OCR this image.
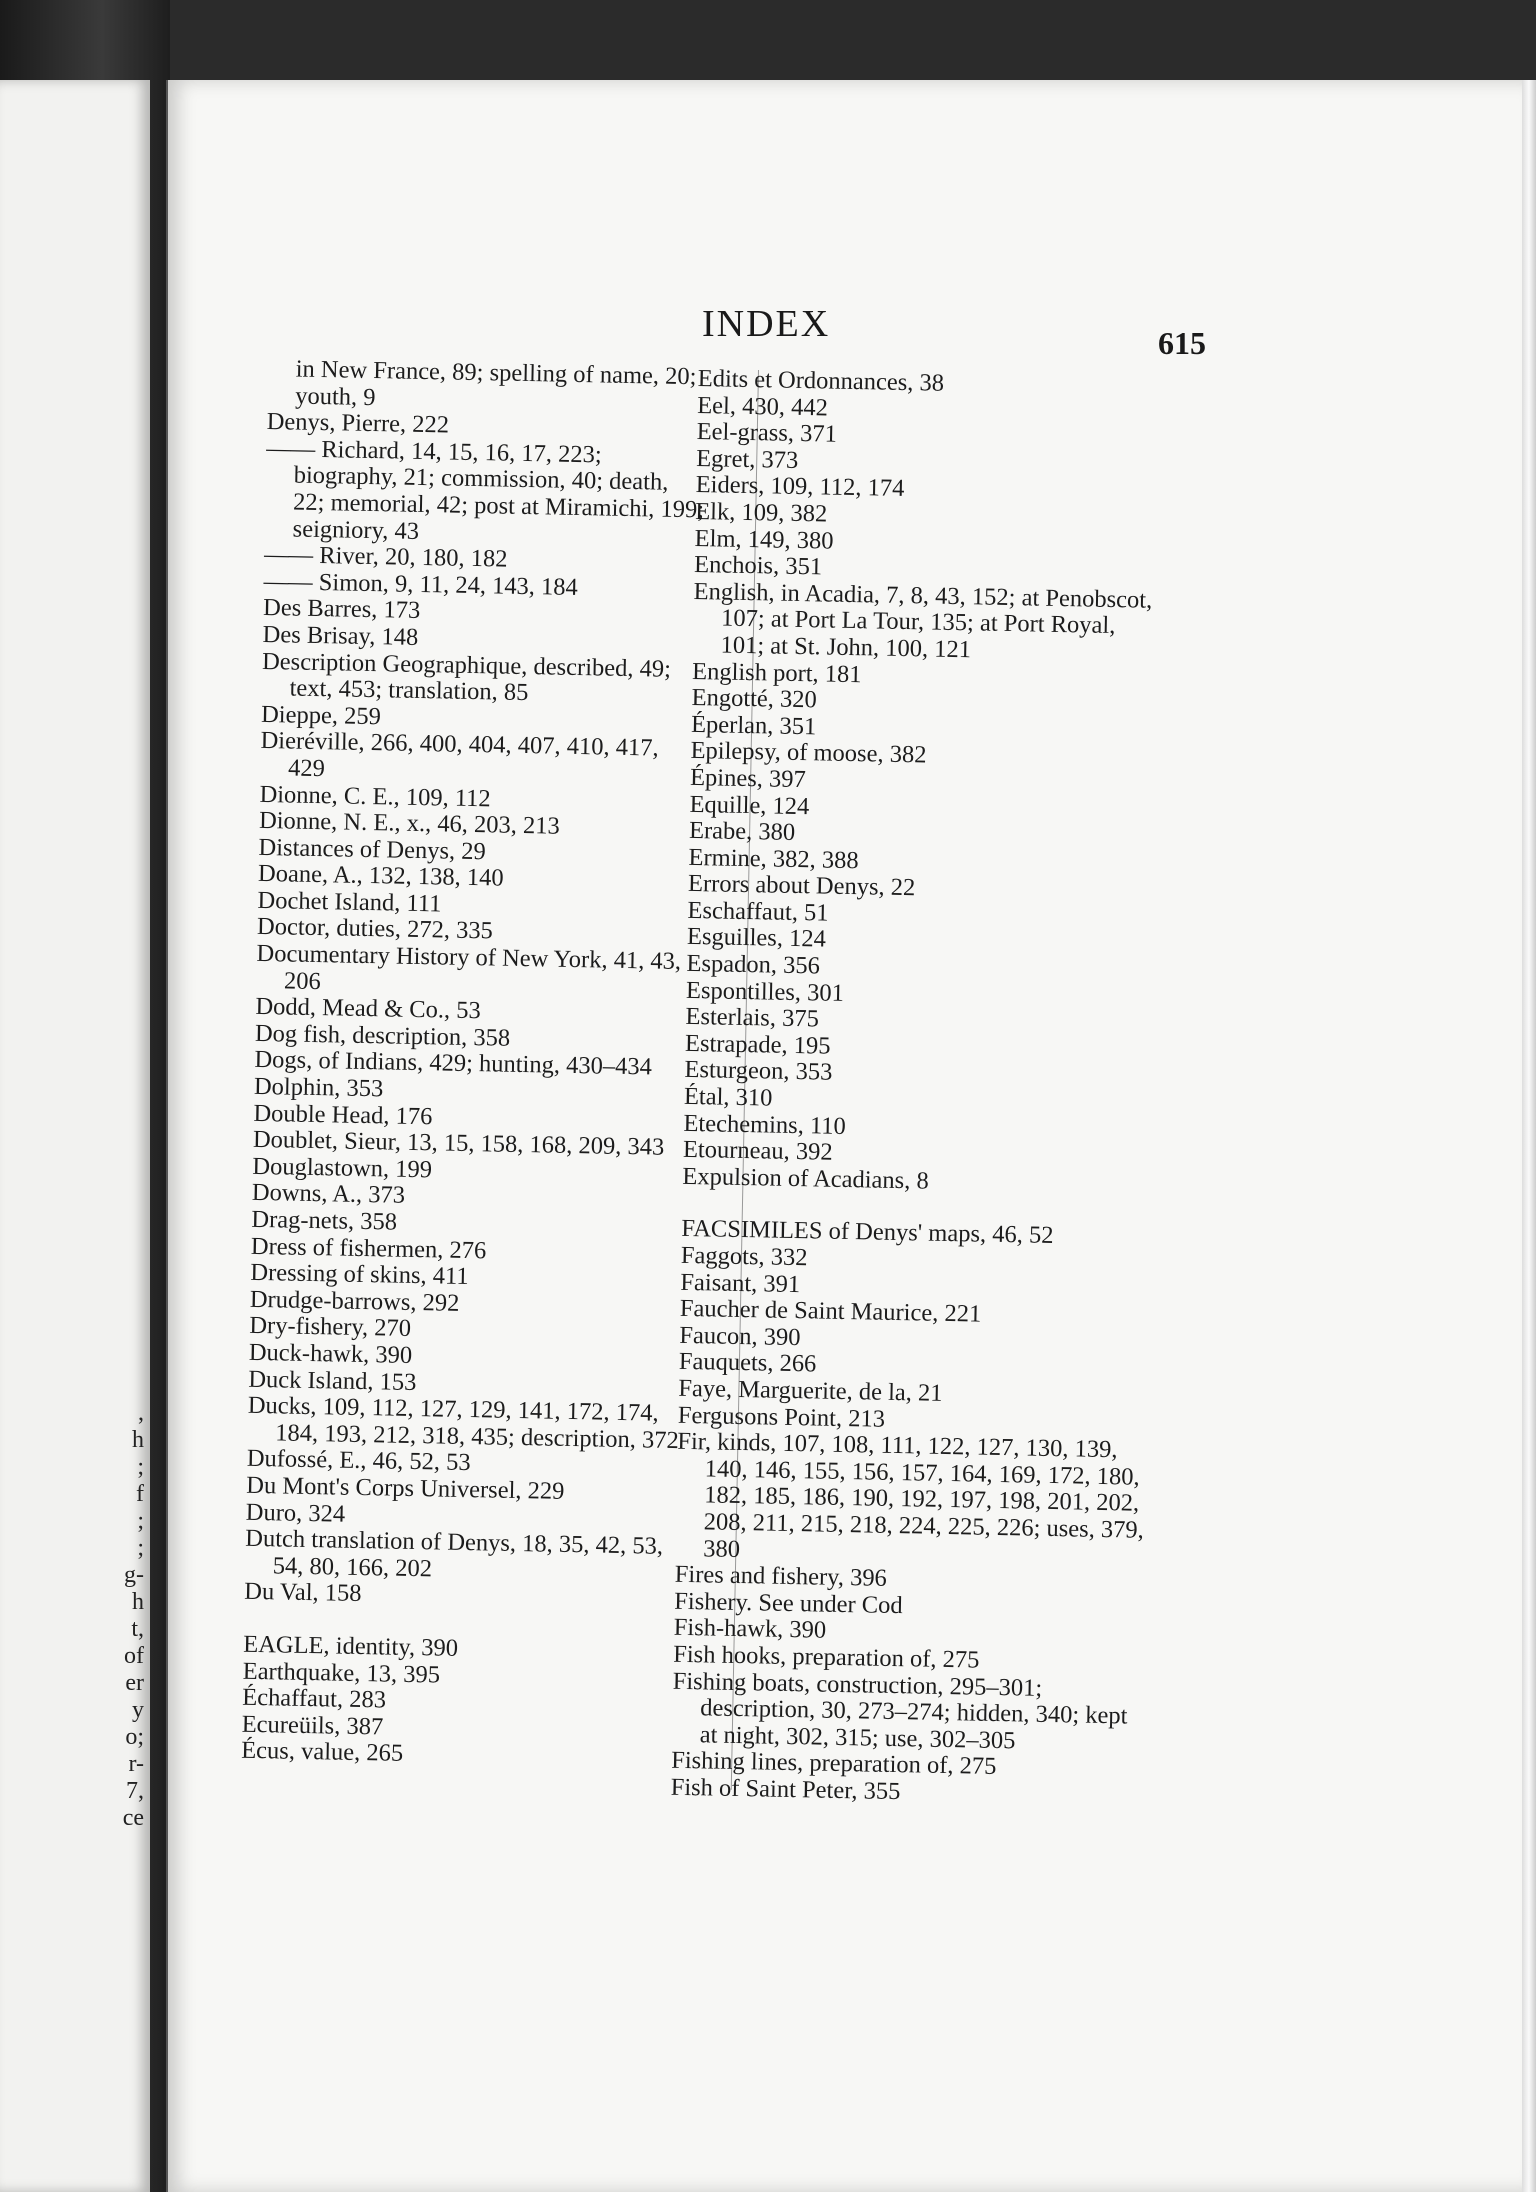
,
h
;
f
;
;
g-
h
t,
of
er
y
o;
r-
7,
ce
INDEX	615

in New France, 89; spelling of name, 20; youth, 9

Denys, Pierre, 222

—— Richard, 14, 15, 16, 17, 223; biography, 21; commission, 40; death, 22; memorial, 42; post at Miramichi, 199; seigniory, 43

—— River, 20, 180, 182

—— Simon, 9, 11, 24, 143, 184

Des Barres, 173

Des Brisay, 148

Description Geographique, described, 49; text, 453; translation, 85

Dieppe, 259

Dieréville, 266, 400, 404, 407, 410, 417, 429

Dionne, C. E., 109, 112

Dionne, N. E., x., 46, 203, 213

Distances of Denys, 29

Doane, A., 132, 138, 140

Dochet Island, 111

Doctor, duties, 272, 335

Documentary History of New York, 41, 43, 206

Dodd, Mead & Co., 53

Dog fish, description, 358

Dogs, of Indians, 429; hunting, 430–434

Dolphin, 353

Double Head, 176

Doublet, Sieur, 13, 15, 158, 168, 209, 343

Douglastown, 199

Downs, A., 373

Drag-nets, 358

Dress of fishermen, 276

Dressing of skins, 411

Drudge-barrows, 292

Dry-fishery, 270

Duck-hawk, 390

Duck Island, 153

Ducks, 109, 112, 127, 129, 141, 172, 174, 184, 193, 212, 318, 435; description, 372

Dufossé, E., 46, 52, 53

Du Mont's Corps Universel, 229

Duro, 324

Dutch translation of Denys, 18, 35, 42, 53, 54, 80, 166, 202

Du Val, 158

EAGLE, identity, 390

Earthquake, 13, 395

Échaffaut, 283

Ecureüils, 387

Écus, value, 265

Edits et Ordonnances, 38

Eel, 430, 442

Eel-grass, 371

Egret, 373

Eiders, 109, 112, 174

Elk, 109, 382

Elm, 149, 380

Enchois, 351

English, in Acadia, 7, 8, 43, 152; at Penobscot, 107; at Port La Tour, 135; at Port Royal, 101; at St. John, 100, 121

English port, 181

Engotté, 320

Éperlan, 351

Epilepsy, of moose, 382

Épines, 397

Equille, 124

Erabe, 380

Ermine, 382, 388

Errors about Denys, 22

Eschaffaut, 51

Esguilles, 124

Espadon, 356

Espontilles, 301

Esterlais, 375

Estrapade, 195

Esturgeon, 353

Étal, 310

Etechemins, 110

Etourneau, 392

Expulsion of Acadians, 8

FACSIMILES of Denys' maps, 46, 52

Faggots, 332

Faisant, 391

Faucher de Saint Maurice, 221

Faucon, 390

Fauquets, 266

Faye, Marguerite, de la, 21

Fergusons Point, 213

Fir, kinds, 107, 108, 111, 122, 127, 130, 139, 140, 146, 155, 156, 157, 164, 169, 172, 180, 182, 185, 186, 190, 192, 197, 198, 201, 202, 208, 211, 215, 218, 224, 225, 226; uses, 379, 380

Fires and fishery, 396

Fishery. See under Cod

Fish-hawk, 390

Fish hooks, preparation of, 275

Fishing boats, construction, 295–301; description, 30, 273–274; hidden, 340; kept at night, 302, 315; use, 302–305

Fishing lines, preparation of, 275

Fish of Saint Peter, 355
